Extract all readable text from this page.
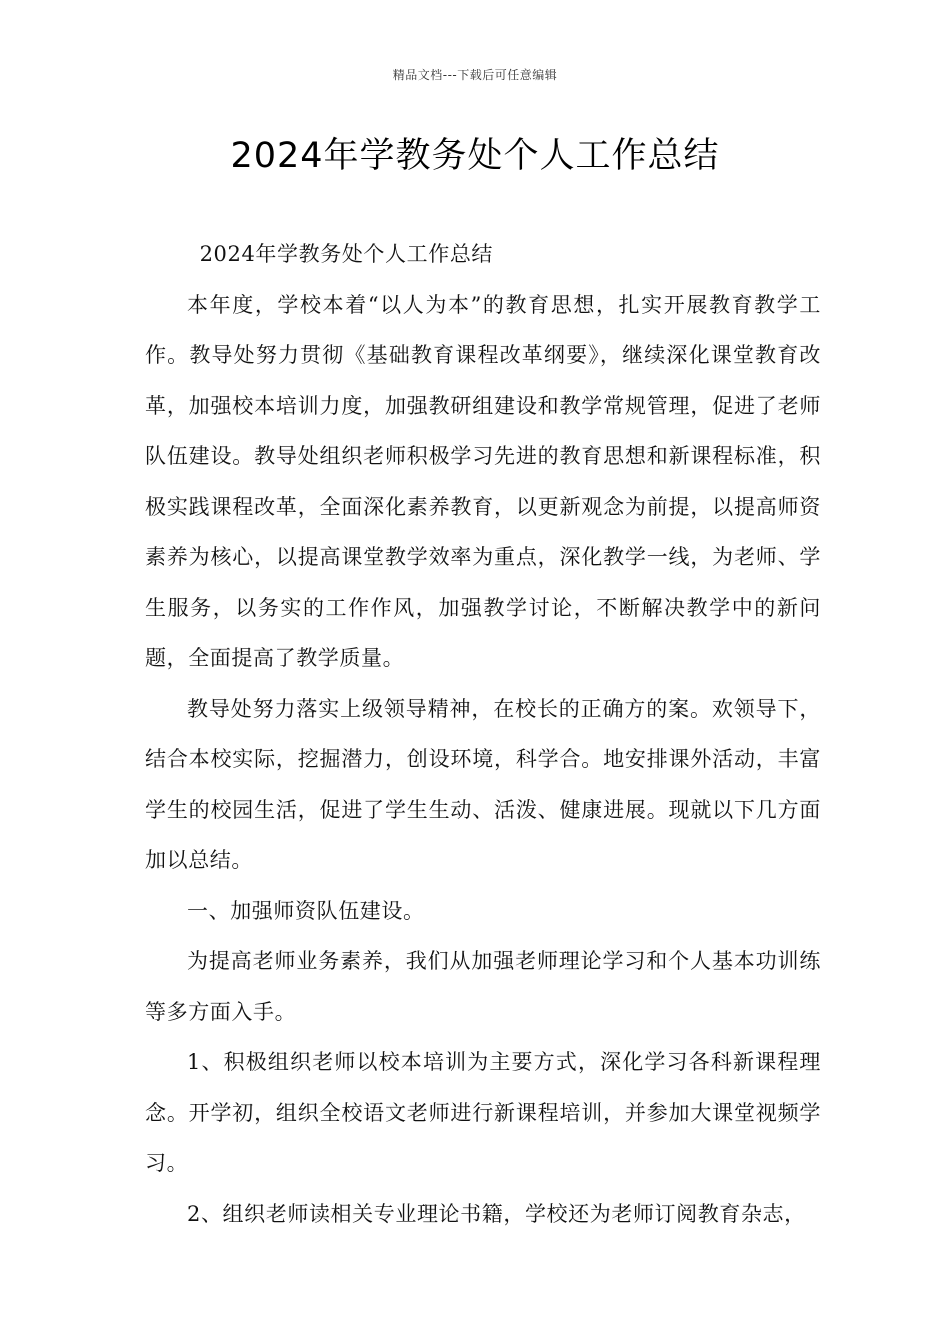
精品文档---下载后可任意编辑
2024年学教务处个人工作总结

2024年学教务处个人工作总结

本年度，学校本着“以人为本”的教育思想，扎实开展教育教学工作。教导处努力贯彻《基础教育课程改革纲要》，继续深化课堂教育改革，加强校本培训力度，加强教研组建设和教学常规管理，促进了老师队伍建设。教导处组织老师积极学习先进的教育思想和新课程标准，积极实践课程改革，全面深化素养教育，以更新观念为前提，以提高师资素养为核心，以提高课堂教学效率为重点，深化教学一线，为老师、学生服务，以务实的工作作风，加强教学讨论，不断解决教学中的新问题，全面提高了教学质量。

教导处努力落实上级领导精神，在校长的正确方的案。欢领导下，结合本校实际，挖掘潜力，创设环境，科学合。地安排课外活动，丰富学生的校园生活，促进了学生生动、活泼、健康进展。现就以下几方面加以总结。

一、加强师资队伍建设。

为提高老师业务素养，我们从加强老师理论学习和个人基本功训练等多方面入手。

1、积极组织老师以校本培训为主要方式，深化学习各科新课程理念。开学初，组织全校语文老师进行新课程培训，并参加大课堂视频学习。

2、组织老师读相关专业理论书籍，学校还为老师订阅教育杂志，
